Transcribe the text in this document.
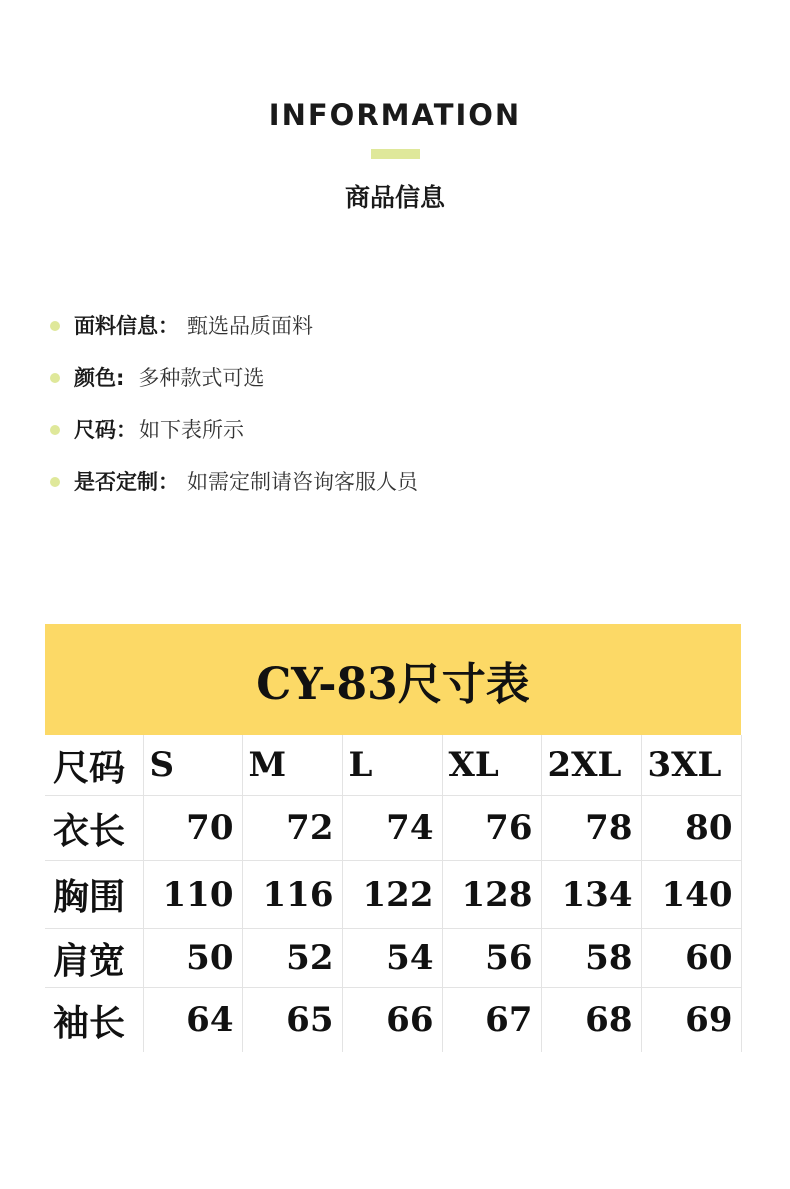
INFORMATION
商品信息
面料信息： 甄选品质面料
颜色: 多种款式可选
尺码： 如下表所示
是否定制： 如需定制请咨询客服人员
CY-83尺寸表
尺码	S	M	L	XL	2XL	3XL
衣长	70	72	74	76	78	80
胸围	110	116	122	128	134	140
肩宽	50	52	54	56	58	60
袖长	64	65	66	67	68	69
